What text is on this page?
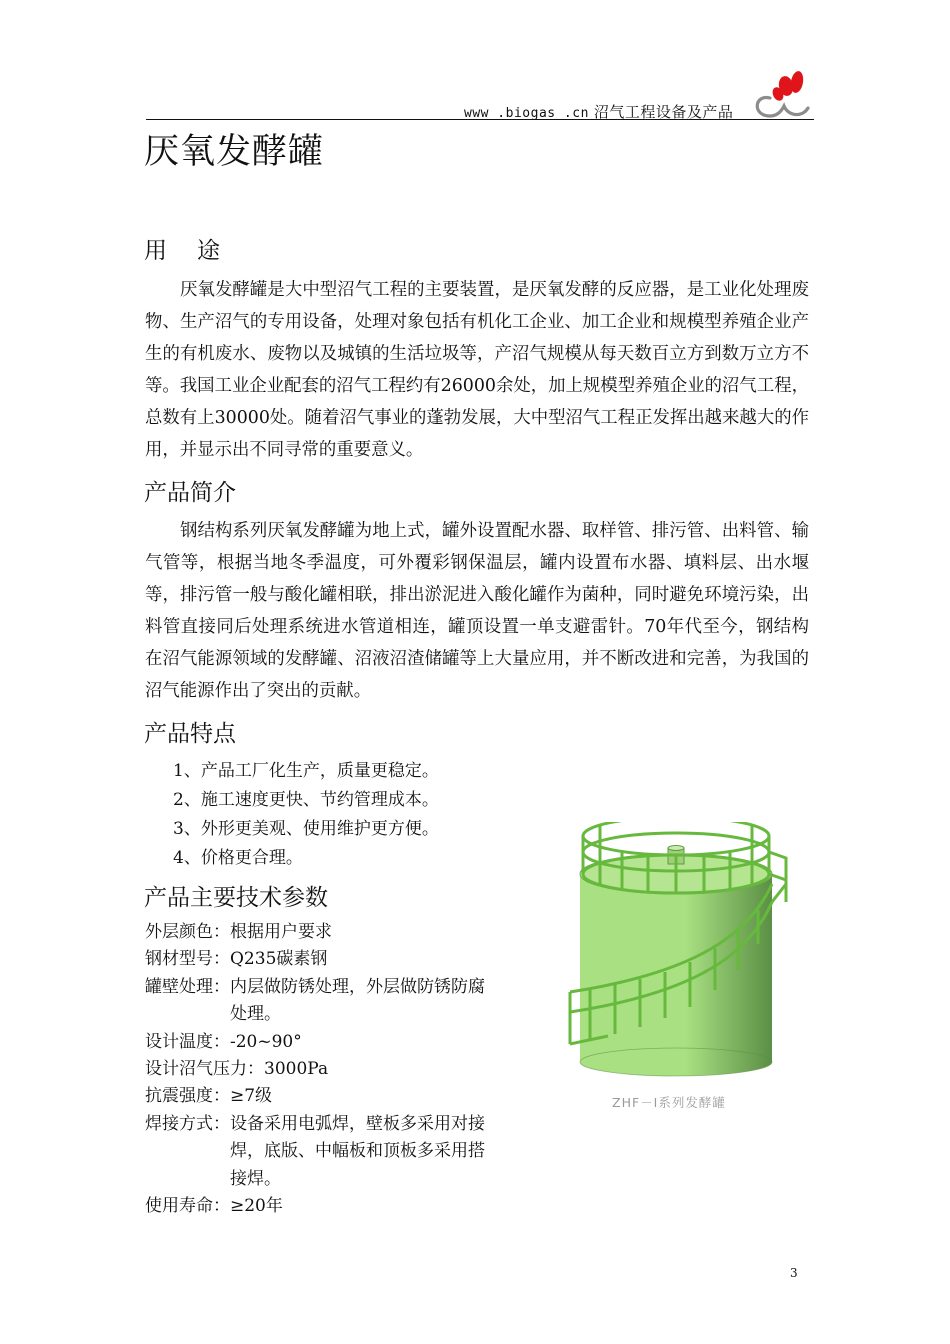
www .biogas .cn 沼气工程设备及产品
厌氧发酵罐
用 途
厌氧发酵罐是大中型沼气工程的主要装置，是厌氧发酵的反应器，是工业化处理废物、生产沼气的专用设备，处理对象包括有机化工企业、加工企业和规模型养殖企业产生的有机废水、废物以及城镇的生活垃圾等，产沼气规模从每天数百立方到数万立方不等。我国工业企业配套的沼气工程约有26000余处，加上规模型养殖企业的沼气工程，总数有上30000处。随着沼气事业的蓬勃发展，大中型沼气工程正发挥出越来越大的作用，并显示出不同寻常的重要意义。
产品简介
钢结构系列厌氧发酵罐为地上式，罐外设置配水器、取样管、排污管、出料管、输气管等，根据当地冬季温度，可外覆彩钢保温层，罐内设置布水器、填料层、出水堰等，排污管一般与酸化罐相联，排出淤泥进入酸化罐作为菌种，同时避免环境污染，出料管直接同后处理系统进水管道相连，罐顶设置一单支避雷针。70年代至今，钢结构在沼气能源领域的发酵罐、沼液沼渣储罐等上大量应用，并不断改进和完善，为我国的沼气能源作出了突出的贡献。
产品特点
1、产品工厂化生产，质量更稳定。
2、施工速度更快、节约管理成本。
3、外形更美观、使用维护更方便。
4、价格更合理。
产品主要技术参数
外层颜色： 根据用户要求
钢材型号： Q235碳素钢
罐壁处理： 内层做防锈处理，外层做防锈防腐处理。
设计温度： -20~90°
设计沼气压力： 3000Pa
抗震强度： ≥7级
焊接方式： 设备采用电弧焊，壁板多采用对接焊，底版、中幅板和顶板多采用搭接焊。
使用寿命： ≥20年
ZHF－Ⅰ系列发酵罐
3
